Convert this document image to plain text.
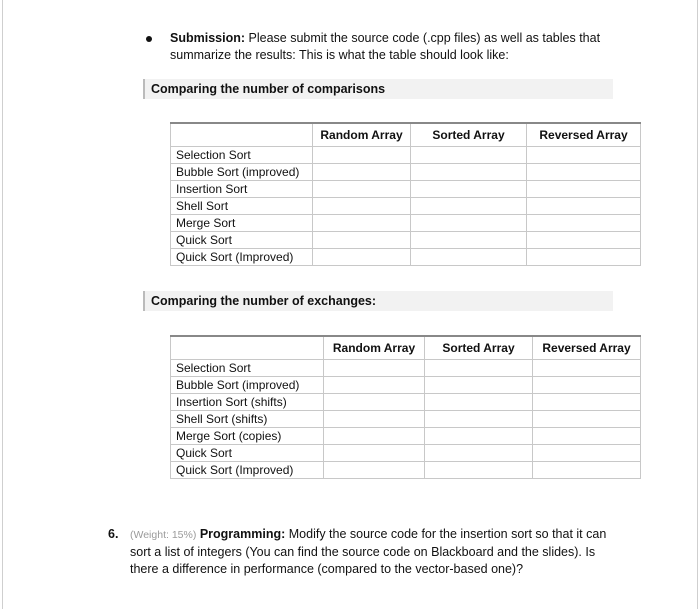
Submission: Please submit the source code (.cpp files) as well as tables that summarize the results: This is what the table should look like:
Comparing the number of comparisons
	Random Array	Sorted Array	Reversed Array
Selection Sort			
Bubble Sort (improved)			
Insertion Sort			
Shell Sort			
Merge Sort			
Quick Sort			
Quick Sort (Improved)			
Comparing the number of exchanges:
	Random Array	Sorted Array	Reversed Array
Selection Sort			
Bubble Sort (improved)			
Insertion Sort (shifts)			
Shell Sort (shifts)			
Merge Sort (copies)			
Quick Sort			
Quick Sort (Improved)			
6. (Weight: 15%) Programming: Modify the source code for the insertion sort so that it can sort a list of integers (You can find the source code on Blackboard and the slides). Is there a difference in performance (compared to the vector-based one)?
